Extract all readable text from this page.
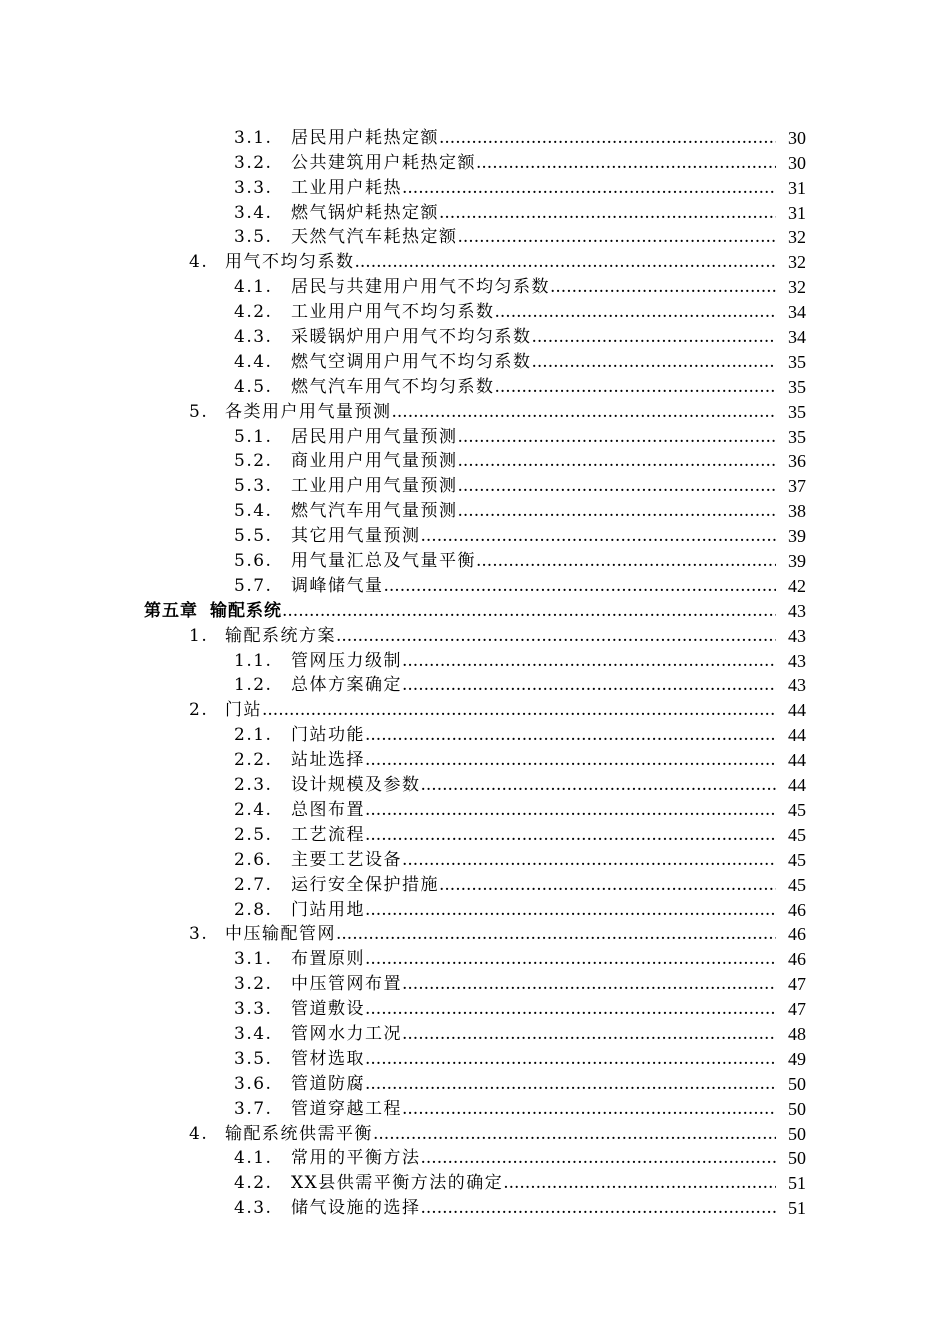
3.1.	居民用户耗热定额 .....	30
3.2.	公共建筑用户耗热定额 .....	30
3.3.	工业用户耗热 .....	31
3.4.	燃气锅炉耗热定额 .....	31
3.5.	天然气汽车耗热定额 .....	32
4. 用气不均匀系数 .....	32
4.1.	居民与共建用户用气不均匀系数 .....	32
4.2.	工业用户用气不均匀系数 .....	34
4.3.	采暖锅炉用户用气不均匀系数 .....	34
4.4.	燃气空调用户用气不均匀系数 .....	35
4.5.	燃气汽车用气不均匀系数 .....	35
5. 各类用户用气量预测 .....	35
5.1.	居民用户用气量预测 .....	35
5.2.	商业用户用气量预测 .....	36
5.3.	工业用户用气量预测 .....	37
5.4.	燃气汽车用气量预测 .....	38
5.5.	其它用气量预测 .....	39
5.6.	用气量汇总及气量平衡 .....	39
5.7.	调峰储气量 .....	42
第五章 输配系统 .....	43
1. 输配系统方案 .....	43
1.1.	管网压力级制 .....	43
1.2.	总体方案确定 .....	43
2. 门站 .....	44
2.1.	门站功能 .....	44
2.2.	站址选择 .....	44
2.3.	设计规模及参数 .....	44
2.4.	总图布置 .....	45
2.5.	工艺流程 .....	45
2.6.	主要工艺设备 .....	45
2.7.	运行安全保护措施 .....	45
2.8.	门站用地 .....	46
3. 中压输配管网 .....	46
3.1.	布置原则 .....	46
3.2.	中压管网布置 .....	47
3.3.	管道敷设 .....	47
3.4.	管网水力工况 .....	48
3.5.	管材选取 .....	49
3.6.	管道防腐 .....	50
3.7.	管道穿越工程 .....	50
4. 输配系统供需平衡 .....	50
4.1.	常用的平衡方法 .....	50
4.2.	XX县供需平衡方法的确定 .....	51
4.3.	储气设施的选择 .....	51
